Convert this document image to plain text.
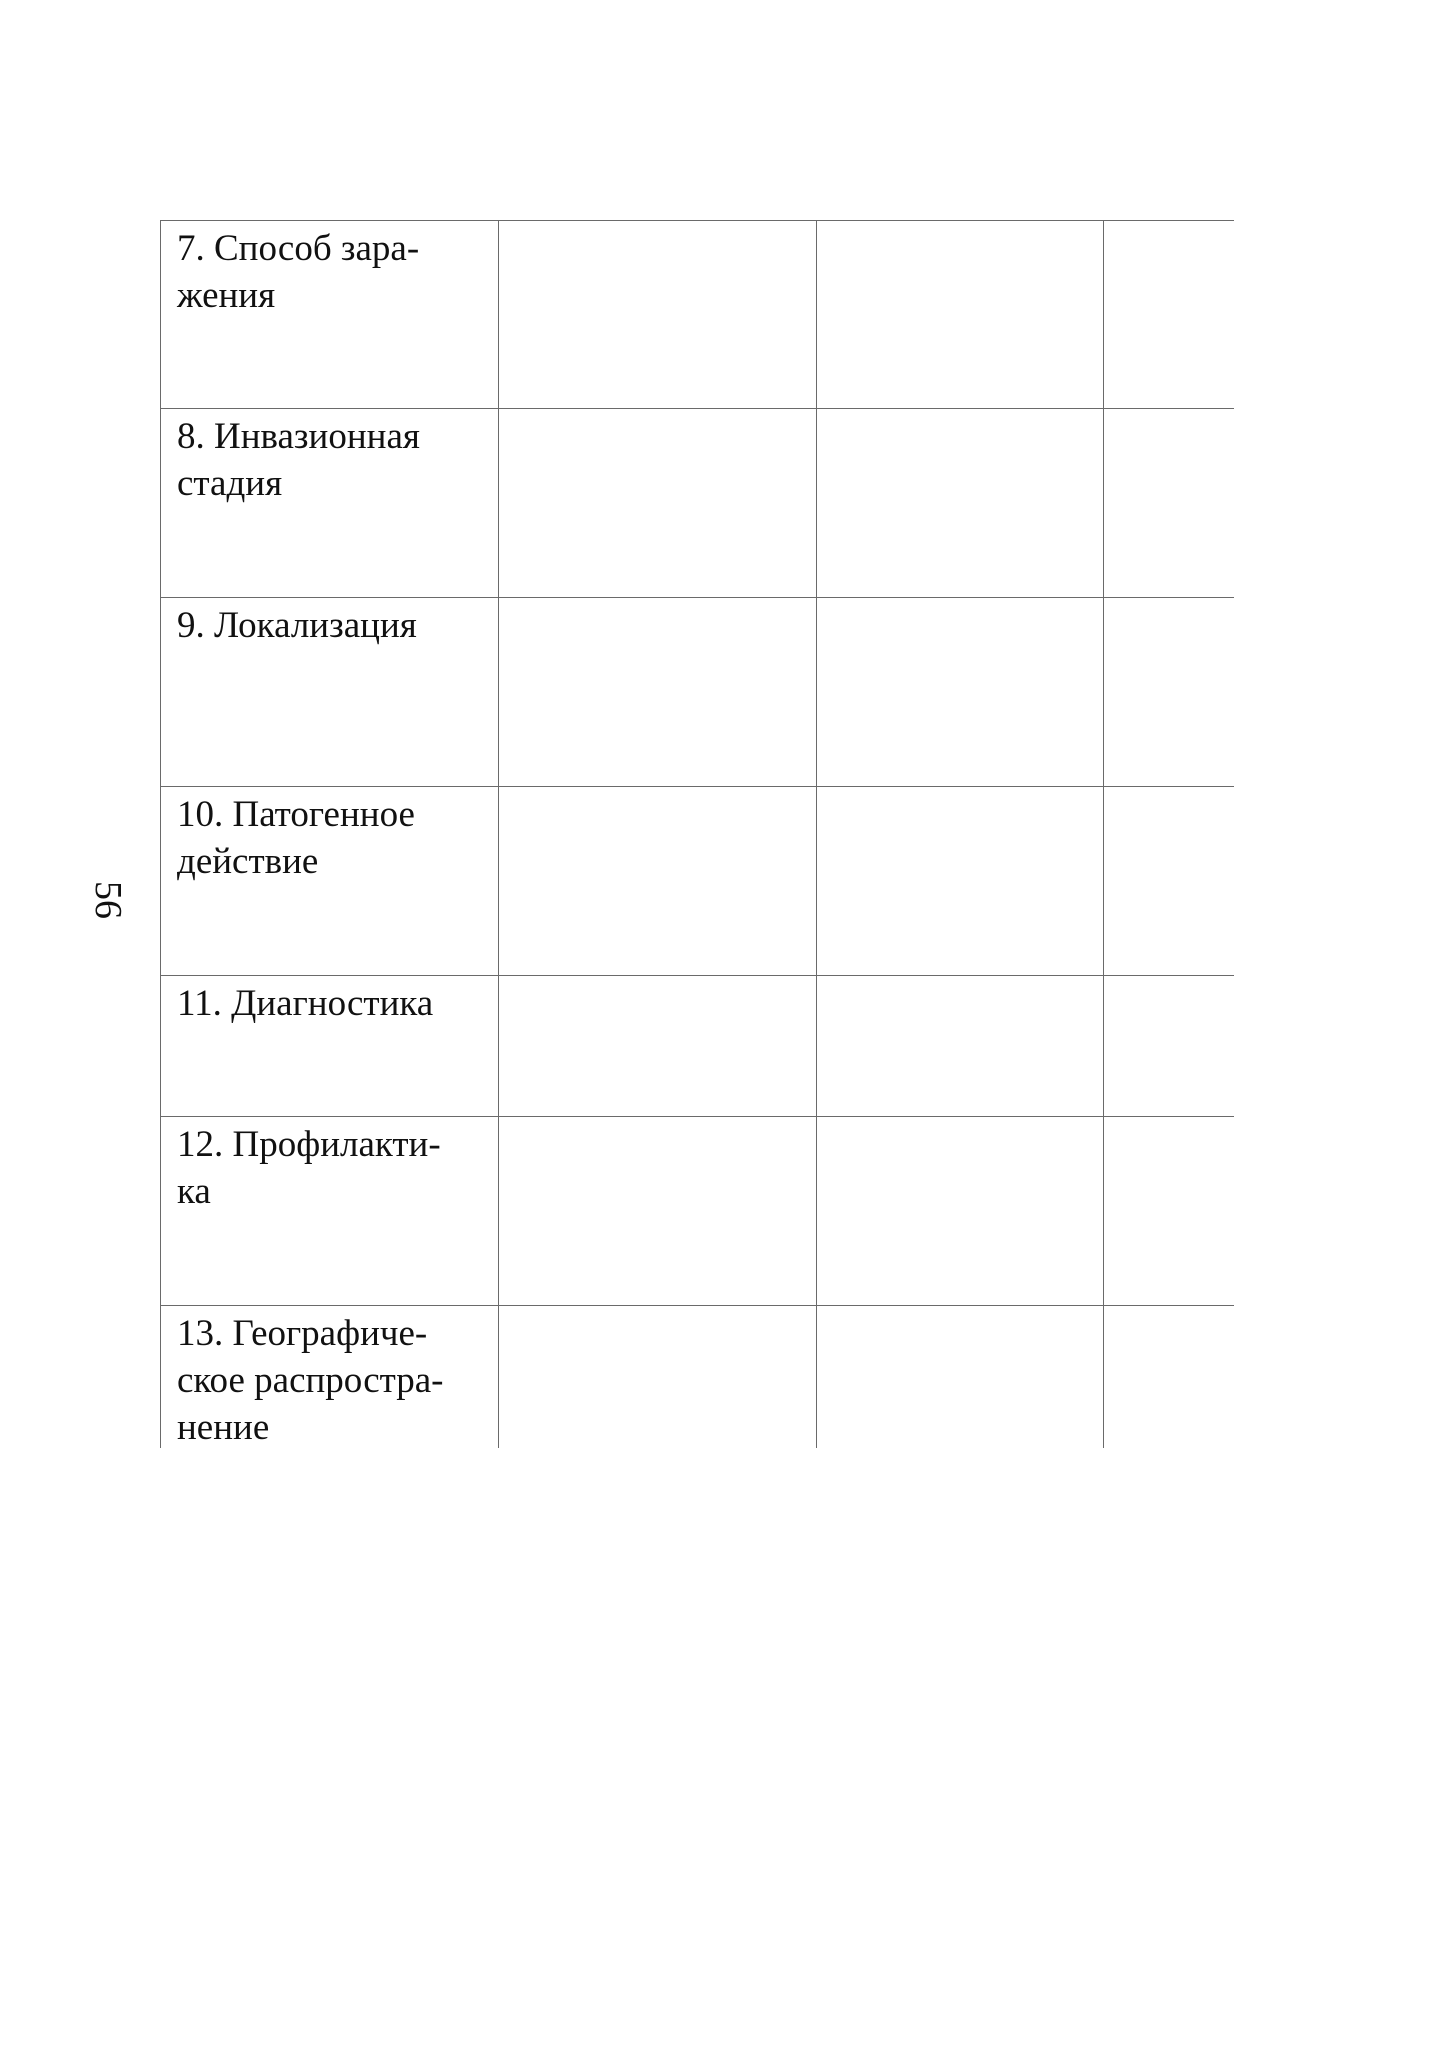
56
7. Способ зара-
жения			
8. Инвазионная
стадия			
9. Локализация			
10. Патогенное
действие			
11. Диагностика			
12. Профилакти-
ка			
13. Географиче-
ское распростра-
нение			
